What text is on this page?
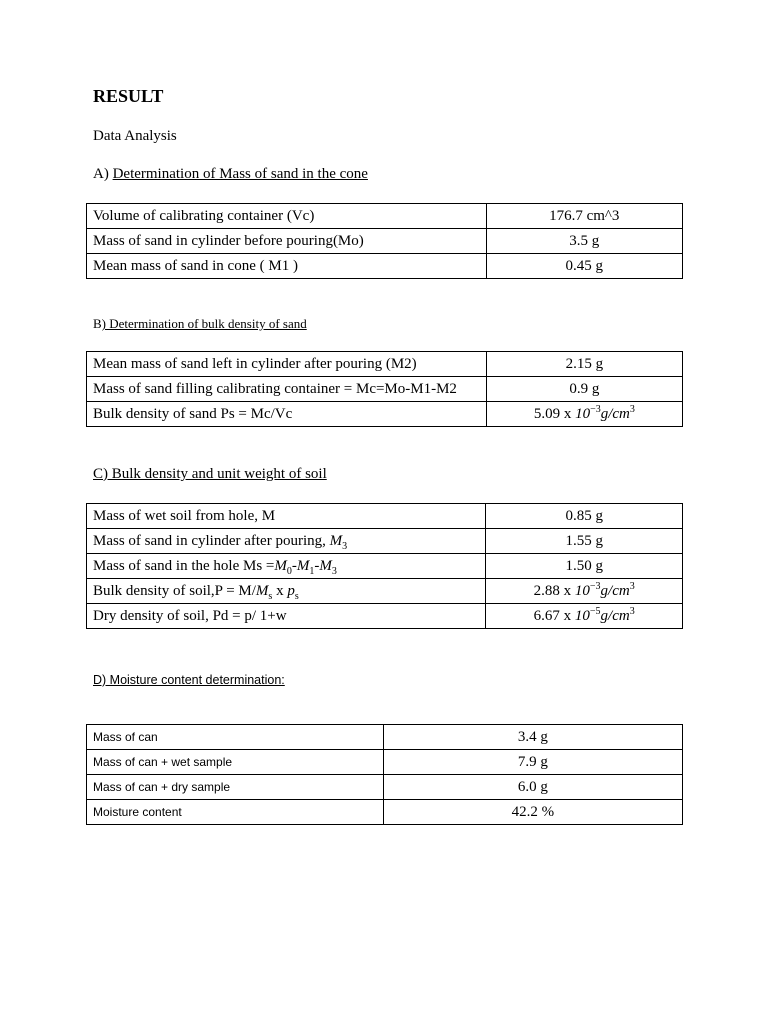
RESULT
Data Analysis
A) Determination of Mass of sand in the cone
Volume of calibrating container (Vc)	176.7 cm^3
Mass of sand in cylinder before pouring(Mo)	3.5 g
Mean mass of sand in cone ( M1 )	0.45 g
B) Determination of bulk density of sand
Mean mass of sand left in cylinder after pouring (M2)	2.15 g
Mass of sand filling calibrating container = Mc=Mo-M1-M2	0.9 g
Bulk density of sand Ps = Mc/Vc	5.09 x $10^{-3}g/cm^3$
C) Bulk density and unit weight of soil
Mass of wet soil from hole, M	0.85 g
Mass of sand in cylinder after pouring, $M_3$	1.55 g
Mass of sand in the hole $Ms =M_0-M_1-M_3$	1.50 g
Bulk density of soil,P = $M/M_s$ x $p_s$	2.88 x $10^{-3}g/cm^3$
Dry density of soil, Pd = p/ 1+w	6.67 x $10^{-5}g/cm^3$
D) Moisture content determination:
Mass of can	3.4 g
Mass of can + wet sample	7.9 g
Mass of can + dry sample	6.0 g
Moisture content	42.2 %
